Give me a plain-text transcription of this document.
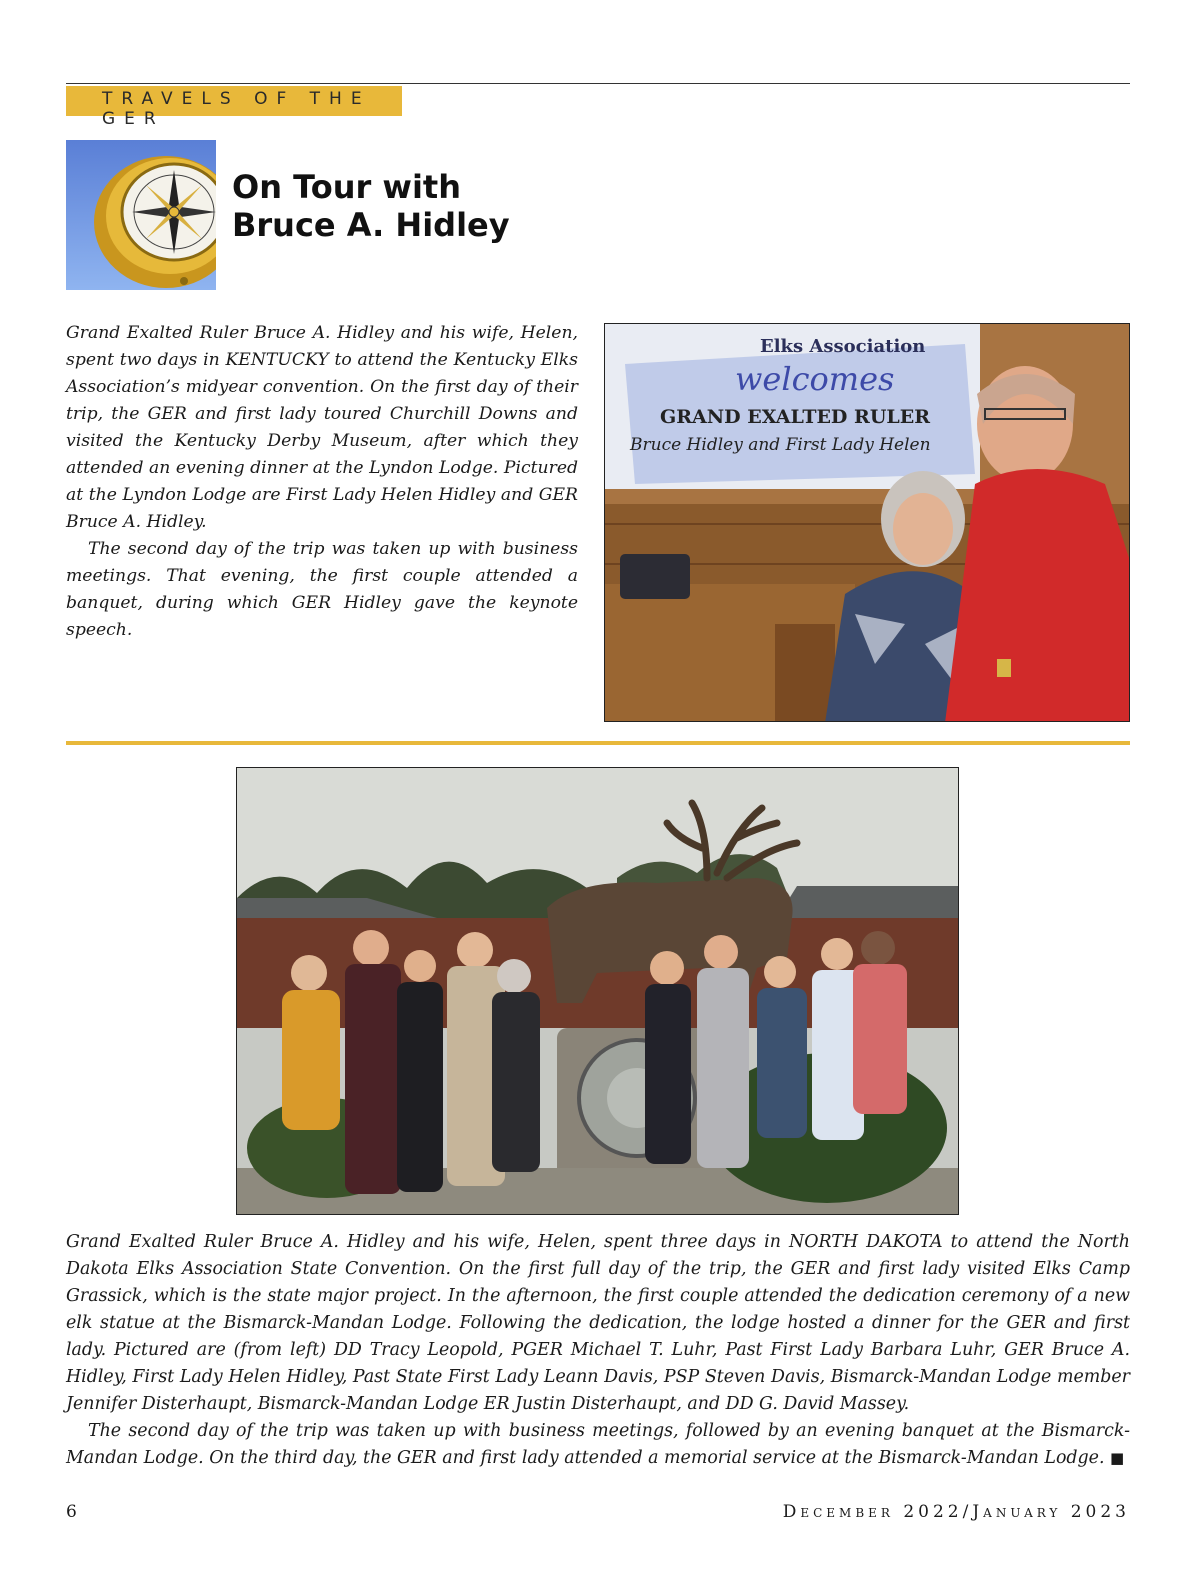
TRAVELS OF THE GER
On Tour with
Bruce A. Hidley

Grand Exalted Ruler Bruce A. Hidley and his wife, Helen, spent two days in KENTUCKY to attend the Kentucky Elks Association’s midyear convention. On the first day of their trip, the GER and first lady toured Churchill Downs and visited the Kentucky Derby Museum, after which they attended an evening dinner at the Lyndon Lodge. Pictured at the Lyndon Lodge are First Lady Helen Hidley and GER Bruce A. Hidley.

The second day of the trip was taken up with business meetings. That evening, the first couple attended a banquet, during which GER Hidley gave the keynote speech.

Elks Association
welcomes
GRAND EXALTED RULER
Bruce Hidley and First Lady Helen

Grand Exalted Ruler Bruce A. Hidley and his wife, Helen, spent three days in NORTH DAKOTA to attend the North Dakota Elks Association State Convention. On the first full day of the trip, the GER and first lady visited Elks Camp Grassick, which is the state major project. In the afternoon, the first couple attended the dedication ceremony of a new elk statue at the Bismarck-Mandan Lodge. Following the dedication, the lodge hosted a dinner for the GER and first lady. Pictured are (from left) DD Tracy Leopold, PGER Michael T. Luhr, Past First Lady Barbara Luhr, GER Bruce A. Hidley, First Lady Helen Hidley, Past State First Lady Leann Davis, PSP Steven Davis, Bismarck-Mandan Lodge member Jennifer Disterhaupt, Bismarck-Mandan Lodge ER Justin Disterhaupt, and DD G. David Massey.

The second day of the trip was taken up with business meetings, followed by an evening banquet at the Bismarck-Mandan Lodge. On the third day, the GER and first lady attended a memorial service at the Bismarck-Mandan Lodge. ■

6	December 2022/January 2023
